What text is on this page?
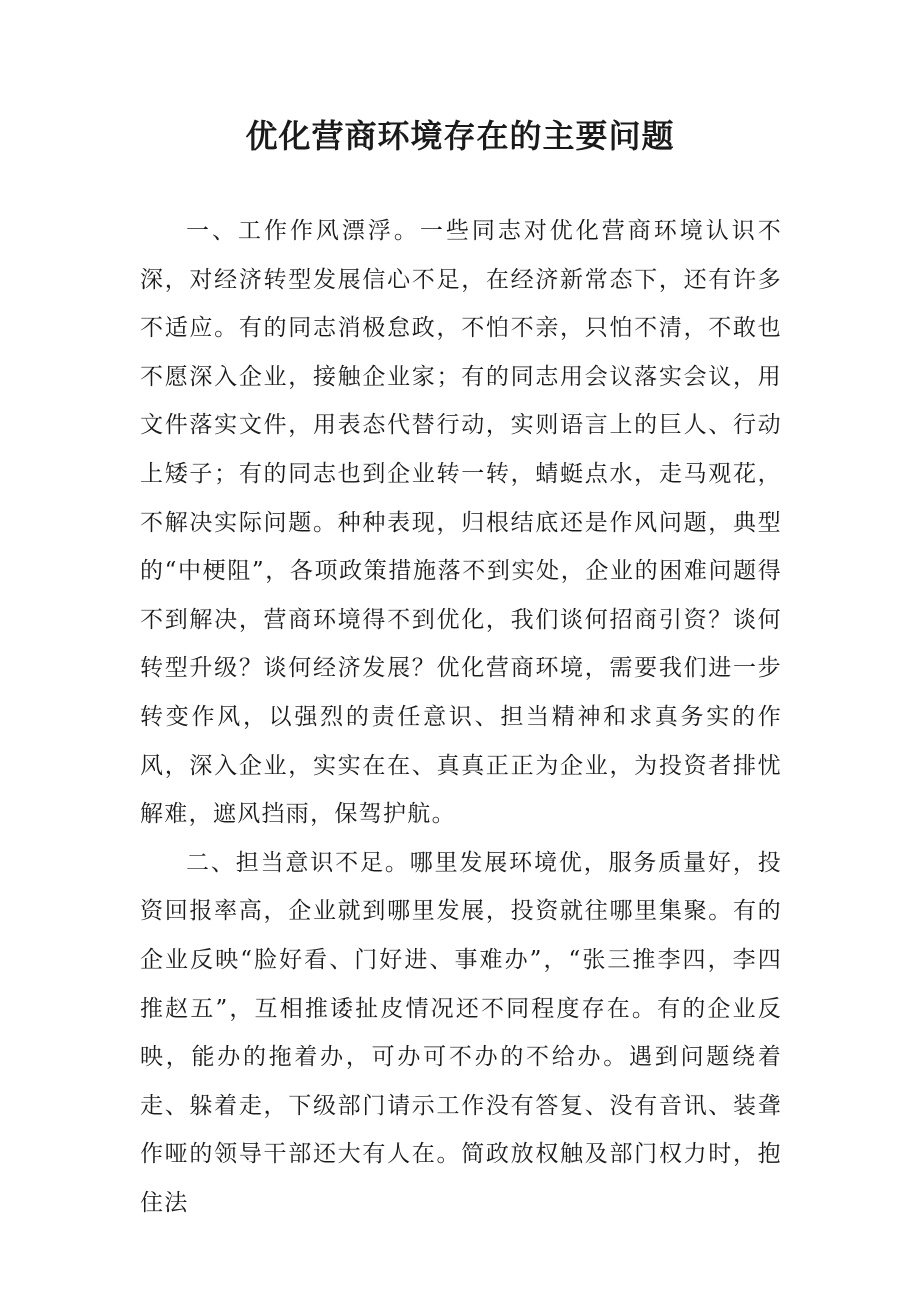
优化营商环境存在的主要问题

一、工作作风漂浮。一些同志对优化营商环境认识不深，对经济转型发展信心不足，在经济新常态下，还有许多不适应。有的同志消极怠政，不怕不亲，只怕不清，不敢也不愿深入企业，接触企业家；有的同志用会议落实会议，用文件落实文件，用表态代替行动，实则语言上的巨人、行动上矮子；有的同志也到企业转一转，蜻蜓点水，走马观花，不解决实际问题。种种表现，归根结底还是作风问题，典型的“中梗阻”，各项政策措施落不到实处，企业的困难问题得不到解决，营商环境得不到优化，我们谈何招商引资？谈何转型升级？谈何经济发展？优化营商环境，需要我们进一步转变作风，以强烈的责任意识、担当精神和求真务实的作风，深入企业，实实在在、真真正正为企业，为投资者排忧解难，遮风挡雨，保驾护航。

二、担当意识不足。哪里发展环境优，服务质量好，投资回报率高，企业就到哪里发展，投资就往哪里集聚。有的企业反映“脸好看、门好进、事难办”，“张三推李四，李四推赵五”，互相推诿扯皮情况还不同程度存在。有的企业反映，能办的拖着办，可办可不办的不给办。遇到问题绕着走、躲着走，下级部门请示工作没有答复、没有音讯、装聋作哑的领导干部还大有人在。简政放权触及部门权力时，抱住法
